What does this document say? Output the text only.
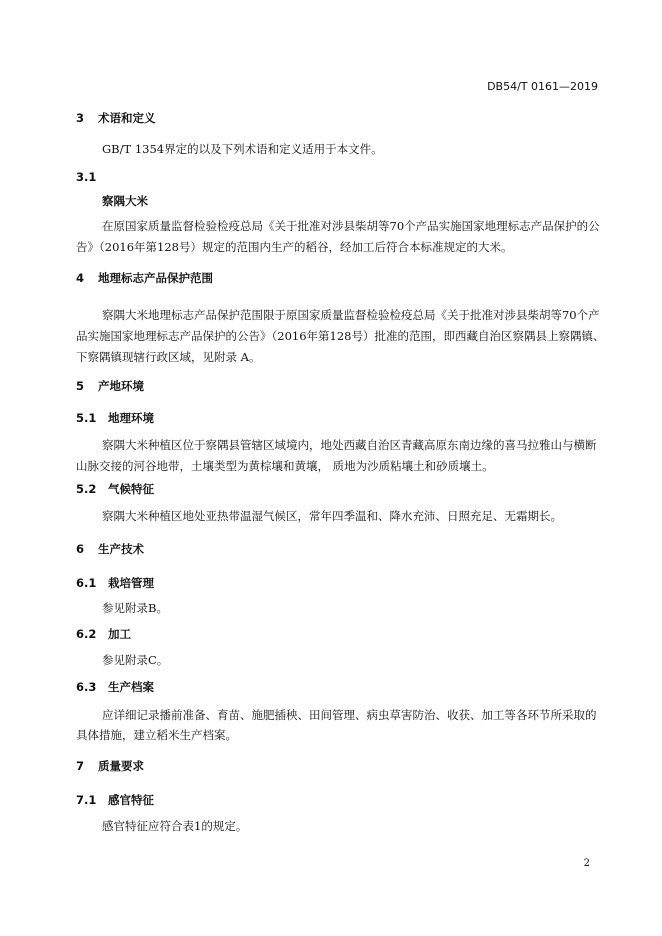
DB54/T 0161—2019
3 术语和定义
GB/T 1354界定的以及下列术语和定义适用于本文件。
3.1
察隅大米
在原国家质量监督检验检疫总局《关于批准对涉县柴胡等70个产品实施国家地理标志产品保护的公
告》（2016年第128号）规定的范围内生产的稻谷，经加工后符合本标准规定的大米。
4 地理标志产品保护范围
察隅大米地理标志产品保护范围限于原国家质量监督检验检疫总局《关于批准对涉县柴胡等70个产
品实施国家地理标志产品保护的公告》（2016年第128号）批准的范围，即西藏自治区察隅县上察隅镇、
下察隅镇现辖行政区域，见附录 A。
5 产地环境
5.1 地理环境
察隅大米种植区位于察隅县管辖区域境内，地处西藏自治区青藏高原东南边缘的喜马拉雅山与横断
山脉交接的河谷地带，土壤类型为黄棕壤和黄壤， 质地为沙质粘壤土和砂质壤土。
5.2 气候特征
察隅大米种植区地处亚热带温湿气候区，常年四季温和、降水充沛、日照充足、无霜期长。
6 生产技术
6.1 栽培管理
参见附录B。
6.2 加工
参见附录C。
6.3 生产档案
应详细记录播前准备、育苗、施肥插秧、田间管理、病虫草害防治、收获、加工等各环节所采取的
具体措施，建立稻米生产档案。
7 质量要求
7.1 感官特征
感官特征应符合表1的规定。
2
